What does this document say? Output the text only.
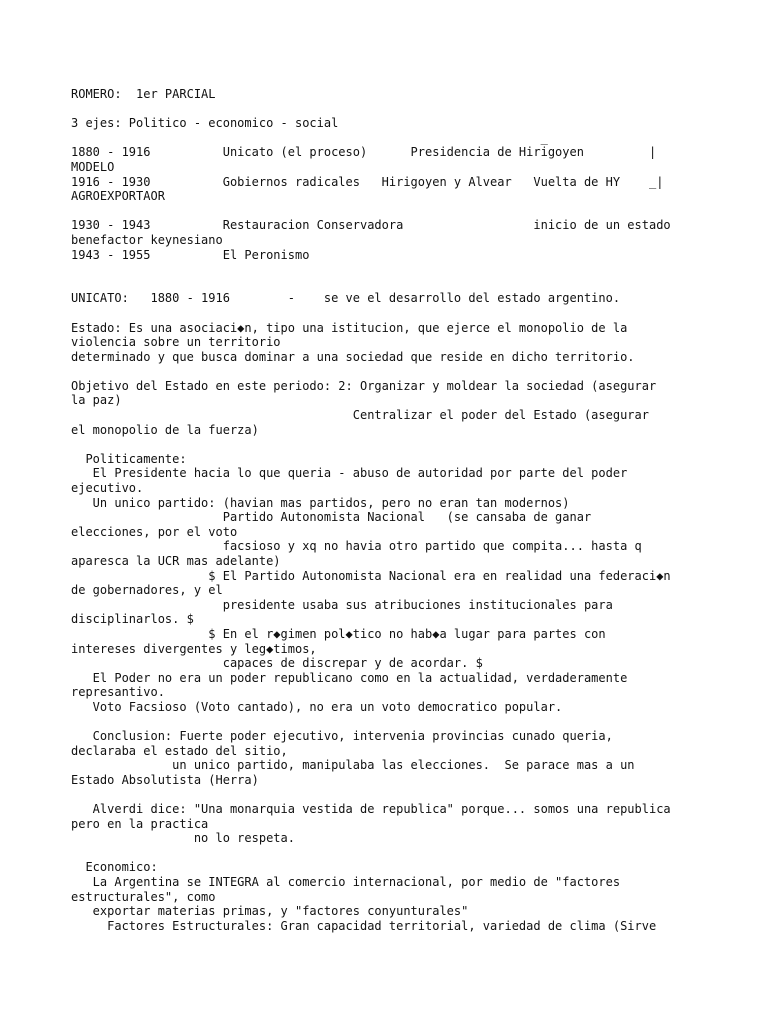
ROMERO:  1er PARCIAL
3 ejes: Politico - economico - social
_
1880 - 1916          Unicato (el proceso)      Presidencia de Hirigoyen         |
MODELO
1916 - 1930          Gobiernos radicales   Hirigoyen y Alvear   Vuelta de HY    _|
AGROEXPORTAOR
1930 - 1943          Restauracion Conservadora                  inicio de un estado
benefactor keynesiano
1943 - 1955          El Peronismo
UNICATO:   1880 - 1916        -    se ve el desarrollo del estado argentino.
Estado: Es una asociaci◆n, tipo una istitucion, que ejerce el monopolio de la
violencia sobre un territorio
determinado y que busca dominar a una sociedad que reside en dicho territorio.
Objetivo del Estado en este periodo: 2: Organizar y moldear la sociedad (asegurar
la paz)
Centralizar el poder del Estado (asegurar
el monopolio de la fuerza)
Politicamente:
El Presidente hacia lo que queria - abuso de autoridad por parte del poder
ejecutivo.
Un unico partido: (havian mas partidos, pero no eran tan modernos)
Partido Autonomista Nacional   (se cansaba de ganar
elecciones, por el voto
facsioso y xq no havia otro partido que compita... hasta q
aparesca la UCR mas adelante)
$ El Partido Autonomista Nacional era en realidad una federaci◆n
de gobernadores, y el
presidente usaba sus atribuciones institucionales para
disciplinarlos. $
$ En el r◆gimen pol◆tico no hab◆a lugar para partes con
intereses divergentes y leg◆timos,
capaces de discrepar y de acordar. $
El Poder no era un poder republicano como en la actualidad, verdaderamente
represantivo.
Voto Facsioso (Voto cantado), no era un voto democratico popular.
Conclusion: Fuerte poder ejecutivo, intervenia provincias cunado queria,
declaraba el estado del sitio,
un unico partido, manipulaba las elecciones.  Se parace mas a un
Estado Absolutista (Herra)
Alverdi dice: "Una monarquia vestida de republica" porque... somos una republica
pero en la practica
no lo respeta.
Economico:
La Argentina se INTEGRA al comercio internacional, por medio de "factores
estructurales", como
exportar materias primas, y "factores conyunturales"
Factores Estructurales: Gran capacidad territorial, variedad de clima (Sirve
